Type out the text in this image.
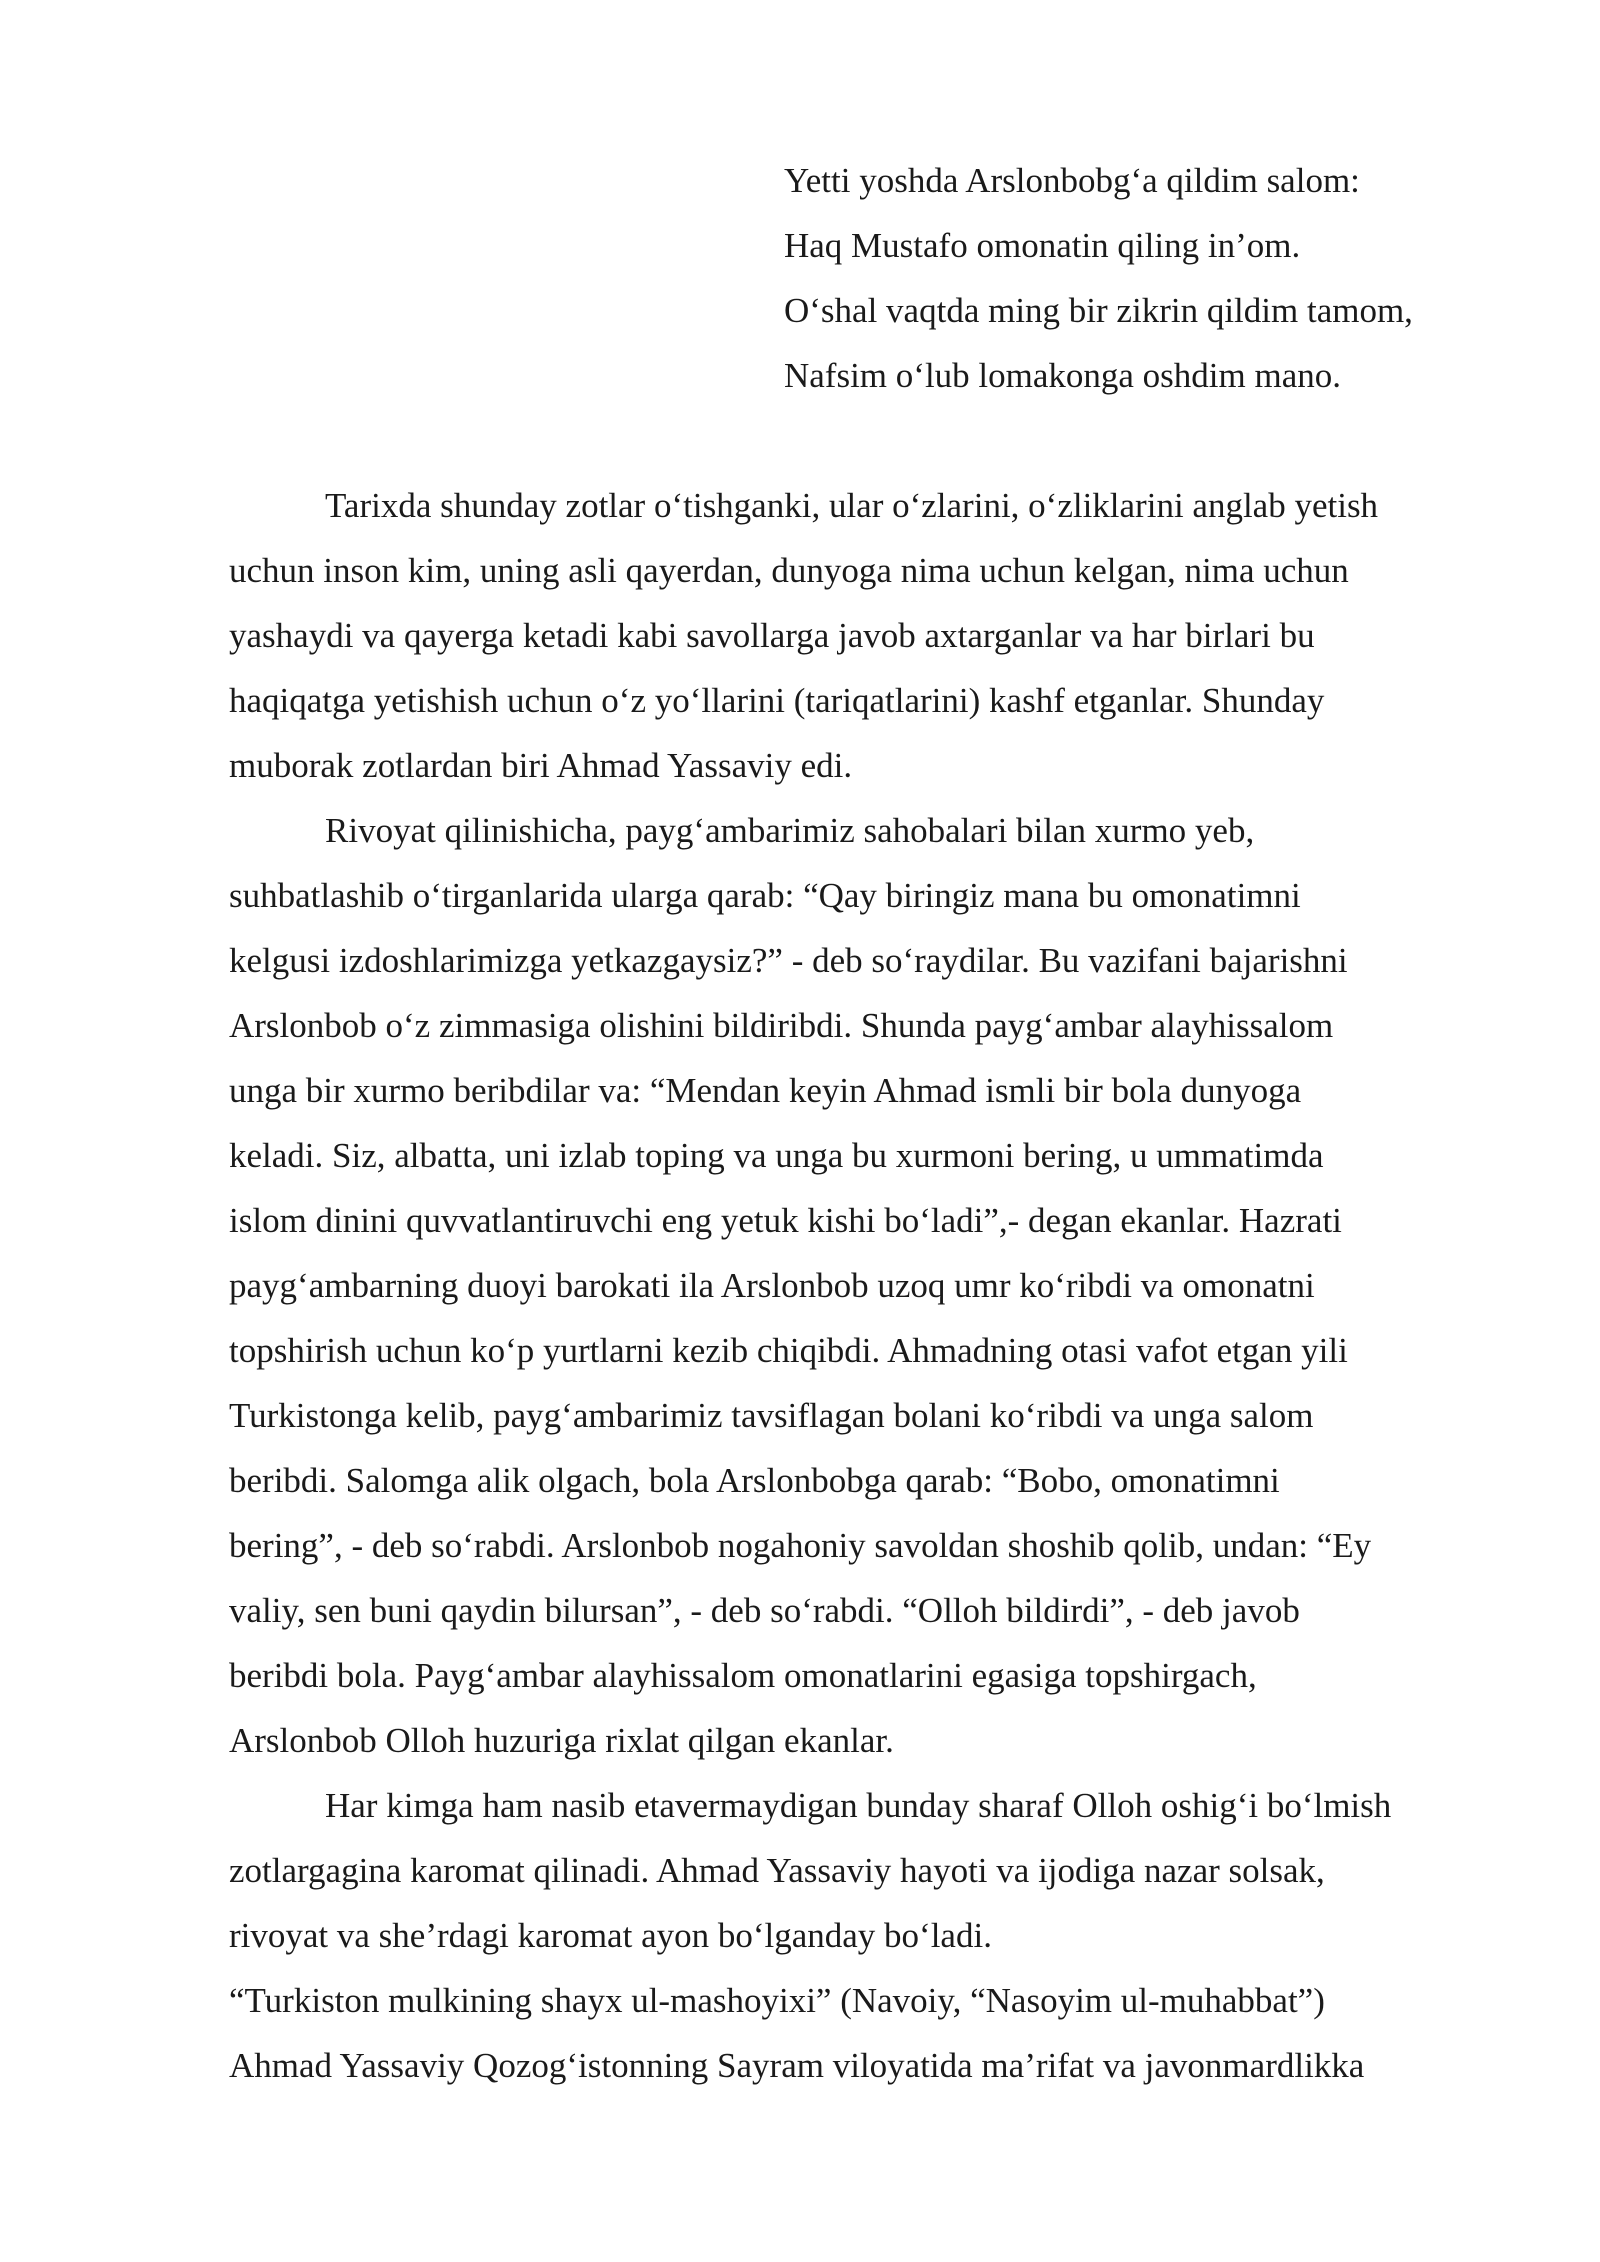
Yetti yoshda Arslonbobg‘a qildim salom:
Haq Mustafo omonatin qiling in’om.
O‘shal vaqtda ming bir zikrin qildim tamom,
Nafsim o‘lub lomakonga oshdim mano.
Tarixda shunday zotlar o‘tishganki, ular o‘zlarini, o‘zliklarini anglab yetish
uchun inson kim, uning asli qayerdan, dunyoga nima uchun kelgan, nima uchun
yashaydi va qayerga ketadi kabi savollarga javob axtarganlar va har birlari bu
haqiqatga yetishish uchun o‘z yo‘llarini (tariqatlarini) kashf etganlar. Shunday
muborak zotlardan biri Ahmad Yassaviy edi.
Rivoyat qilinishicha, payg‘ambarimiz sahobalari bilan xurmo yeb,
suhbatlashib o‘tirganlarida ularga qarab: “Qay biringiz mana bu omonatimni
kelgusi izdoshlarimizga yetkazgaysiz?” - deb so‘raydilar. Bu vazifani bajarishni
Arslonbob o‘z zimmasiga olishini bildiribdi. Shunda payg‘ambar alayhissalom
unga bir xurmo beribdilar va: “Mendan keyin Ahmad ismli bir bola dunyoga
keladi. Siz, albatta, uni izlab toping va unga bu xurmoni bering, u ummatimda
islom dinini quvvatlantiruvchi eng yetuk kishi bo‘ladi”,- degan ekanlar. Hazrati
payg‘ambarning duoyi barokati ila Arslonbob uzoq umr ko‘ribdi va omonatni
topshirish uchun ko‘p yurtlarni kezib chiqibdi. Ahmadning otasi vafot etgan yili
Turkistonga kelib, payg‘ambarimiz tavsiflagan bolani ko‘ribdi va unga salom
beribdi. Salomga alik olgach, bola Arslonbobga qarab: “Bobo, omonatimni
bering”, - deb so‘rabdi. Arslonbob nogahoniy savoldan shoshib qolib, undan: “Ey
valiy, sen buni qaydin bilursan”, - deb so‘rabdi. “Olloh bildirdi”, - deb javob
beribdi bola. Payg‘ambar alayhissalom omonatlarini egasiga topshirgach,
Arslonbob Olloh huzuriga rixlat qilgan ekanlar.
Har kimga ham nasib etavermaydigan bunday sharaf Olloh oshig‘i bo‘lmish
zotlargagina karomat qilinadi. Ahmad Yassaviy hayoti va ijodiga nazar solsak,
rivoyat va she’rdagi karomat ayon bo‘lganday bo‘ladi.
“Turkiston mulkining shayx ul-mashoyixi” (Navoiy, “Nasoyim ul-muhabbat”)
Ahmad Yassaviy Qozog‘istonning Sayram viloyatida ma’rifat va javonmardlikka
